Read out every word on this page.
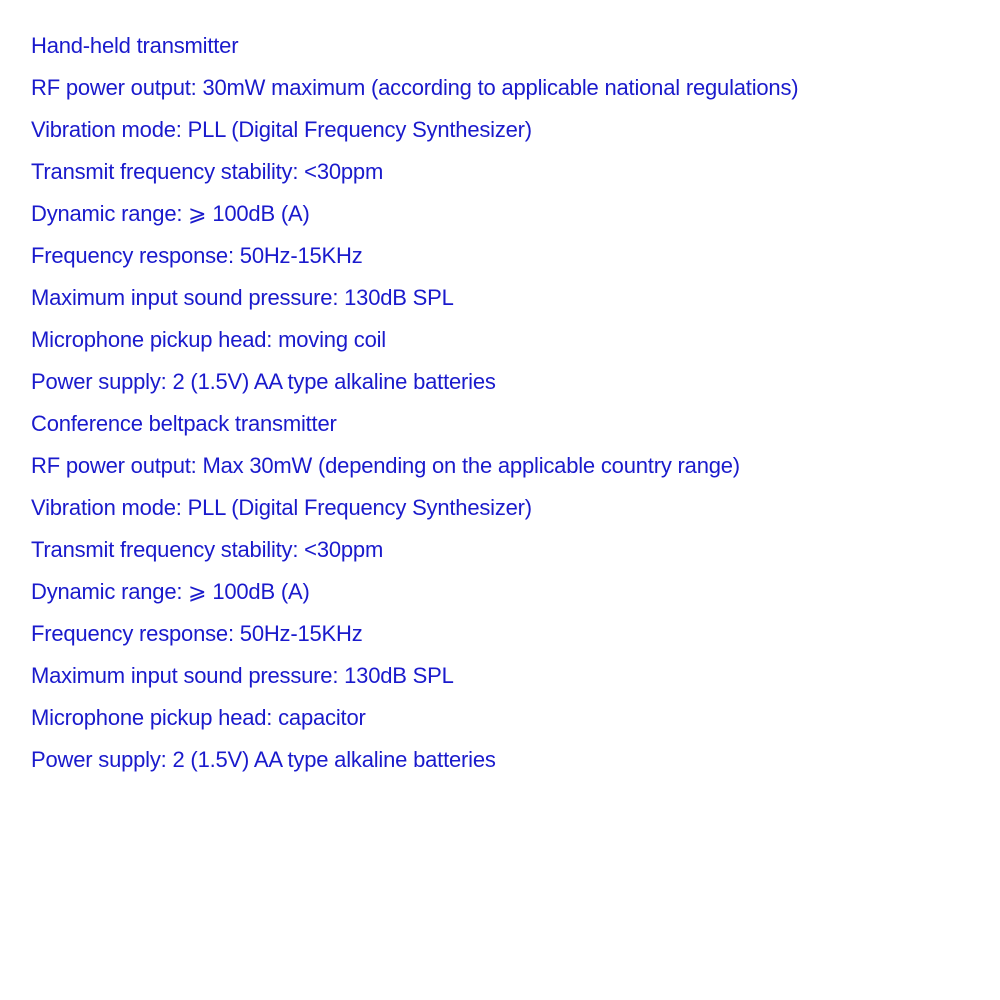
Hand-held transmitter
RF power output: 30mW maximum (according to applicable national regulations)
Vibration mode: PLL (Digital Frequency Synthesizer)
Transmit frequency stability: <30ppm
Dynamic range: ⩾ 100dB (A)
Frequency response: 50Hz-15KHz
Maximum input sound pressure: 130dB SPL
Microphone pickup head: moving coil
Power supply: 2 (1.5V) AA type alkaline batteries
Conference beltpack transmitter
RF power output: Max 30mW (depending on the applicable country range)
Vibration mode: PLL (Digital Frequency Synthesizer)
Transmit frequency stability: <30ppm
Dynamic range: ⩾ 100dB (A)
Frequency response: 50Hz-15KHz
Maximum input sound pressure: 130dB SPL
Microphone pickup head: capacitor
Power supply: 2 (1.5V) AA type alkaline batteries
